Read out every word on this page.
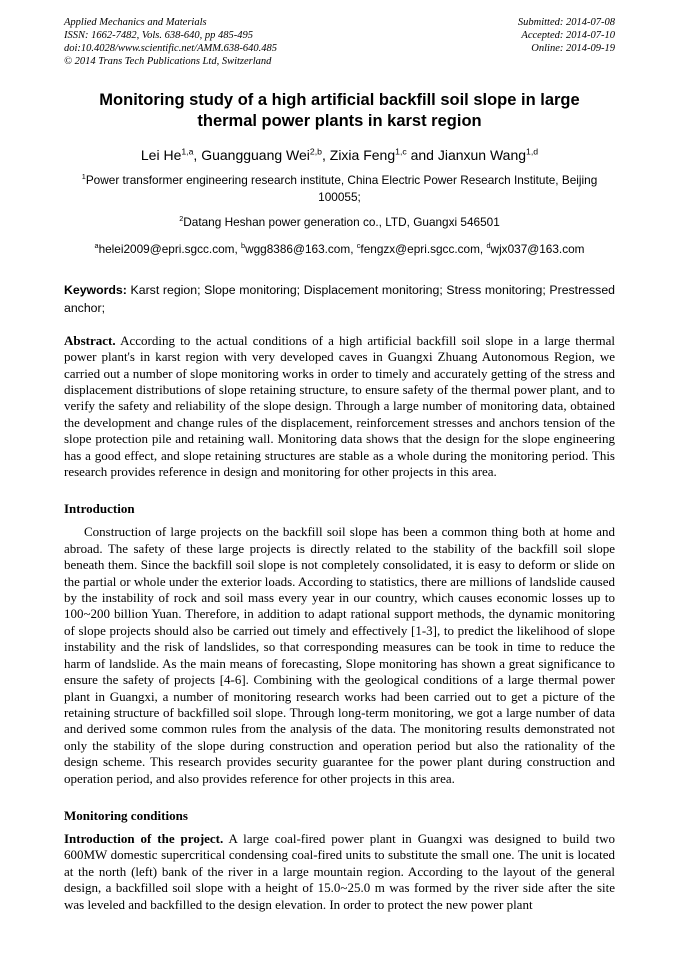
Applied Mechanics and Materials
ISSN: 1662-7482, Vols. 638-640, pp 485-495
doi:10.4028/www.scientific.net/AMM.638-640.485
© 2014 Trans Tech Publications Ltd, Switzerland
Submitted: 2014-07-08
Accepted: 2014-07-10
Online: 2014-09-19
Monitoring study of a high artificial backfill soil slope in large thermal power plants in karst region

Lei He$^{1,a}$, Guangguang Wei$^{2,b}$, Zixia Feng$^{1,c}$ and Jianxun Wang$^{1,d}$

$^1$Power transformer engineering research institute, China Electric Power Research Institute, Beijing 100055;

$^2$Datang Heshan power generation co., LTD, Guangxi 546501

$^a$helei2009@epri.sgcc.com, $^b$wgg8386@163.com, $^c$fengzx@epri.sgcc.com, $^d$wjx037@163.com

Keywords: Karst region; Slope monitoring; Displacement monitoring; Stress monitoring; Prestressed anchor;

Abstract. According to the actual conditions of a high artificial backfill soil slope in a large thermal power plant's in karst region with very developed caves in Guangxi Zhuang Autonomous Region, we carried out a number of slope monitoring works in order to timely and accurately getting of the stress and displacement distributions of slope retaining structure, to ensure safety of the thermal power plant, and to verify the safety and reliability of the slope design. Through a large number of monitoring data, obtained the development and change rules of the displacement, reinforcement stresses and anchors tension of the slope protection pile and retaining wall. Monitoring data shows that the design for the slope engineering has a good effect, and slope retaining structures are stable as a whole during the monitoring period. This research provides reference in design and monitoring for other projects in this area.

Introduction

Construction of large projects on the backfill soil slope has been a common thing both at home and abroad. The safety of these large projects is directly related to the stability of the backfill soil slope beneath them. Since the backfill soil slope is not completely consolidated, it is easy to deform or slide on the partial or whole under the exterior loads. According to statistics, there are millions of landslide caused by the instability of rock and soil mass every year in our country, which causes economic losses up to 100~200 billion Yuan. Therefore, in addition to adapt rational support methods, the dynamic monitoring of slope projects should also be carried out timely and effectively [1-3], to predict the likelihood of slope instability and the risk of landslides, so that corresponding measures can be took in time to reduce the harm of landslide. As the main means of forecasting, Slope monitoring has shown a great significance to ensure the safety of projects [4-6]. Combining with the geological conditions of a large thermal power plant in Guangxi, a number of monitoring research works had been carried out to get a picture of the retaining structure of backfilled soil slope. Through long-term monitoring, we got a large number of data and derived some common rules from the analysis of the data. The monitoring results demonstrated not only the stability of the slope during construction and operation period but also the rationality of the design scheme. This research provides security guarantee for the power plant during construction and operation period, and also provides reference for other projects in this area.

Monitoring conditions

Introduction of the project. A large coal-fired power plant in Guangxi was designed to build two 600MW domestic supercritical condensing coal-fired units to substitute the small one. The unit is located at the north (left) bank of the river in a large mountain region. According to the layout of the general design, a backfilled soil slope with a height of 15.0~25.0 m was formed by the river side after the site was leveled and backfilled to the design elevation. In order to protect the new power plant
